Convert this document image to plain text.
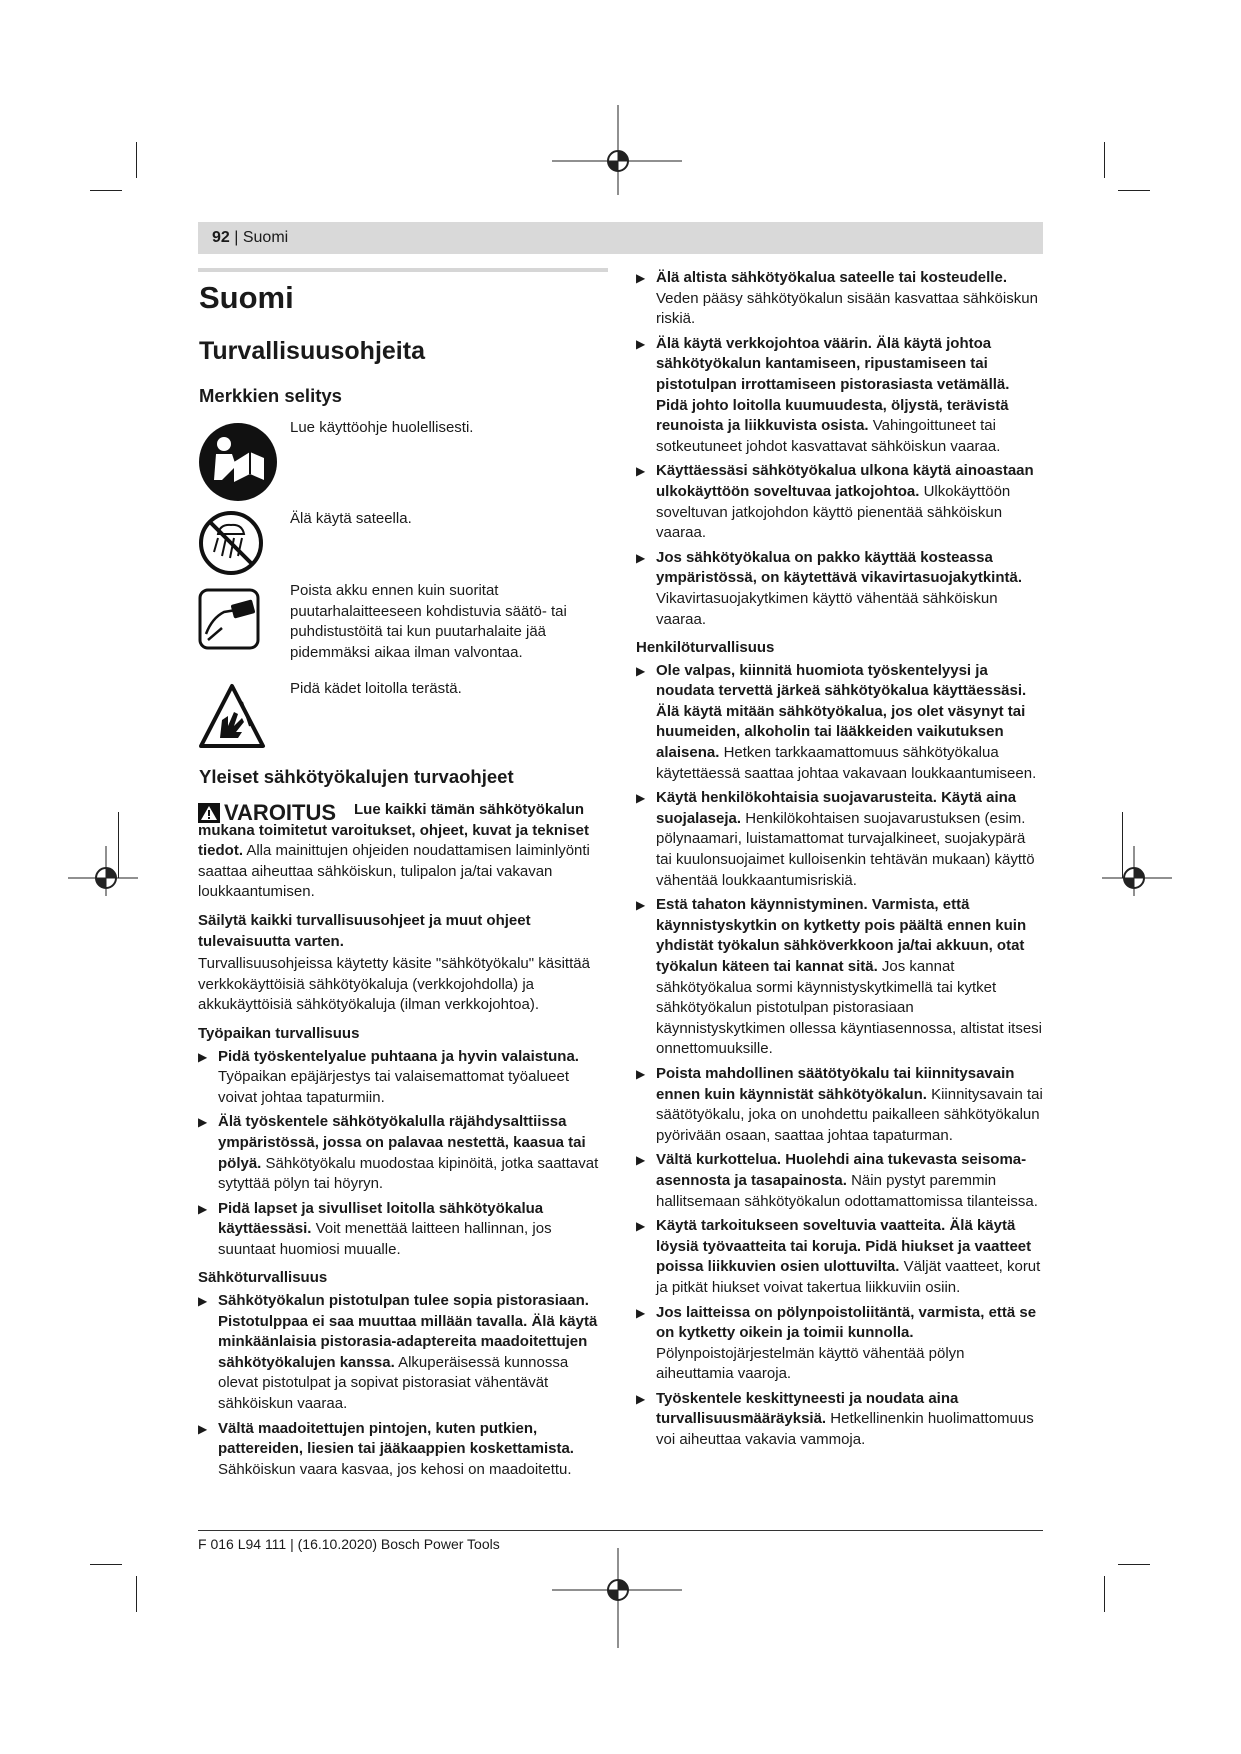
92 | Suomi
Suomi
Turvallisuusohjeita
Merkkien selitys
Lue käyttöohje huolellisesti.
Älä käytä sateella.
Poista akku ennen kuin suoritat puutarhalaitteeseen kohdistuvia säätö- tai puhdistustöitä tai kun puutarhalaite jää pidemmäksi aikaa ilman valvontaa.
Pidä kädet loitolla terästä.
Yleiset sähkötyökalujen turvaohjeet
VAROITUS	Lue kaikki tämän sähkötyökalun mukana toimitetut varoitukset, ohjeet, kuvat ja tekniset tiedot. Alla mainittujen ohjeiden noudattamisen laiminlyönti saattaa aiheuttaa sähköiskun, tulipalon ja/tai vakavan loukkaantumisen.

Säilytä kaikki turvallisuusohjeet ja muut ohjeet tulevaisuutta varten.

Turvallisuusohjeissa käytetty käsite "sähkötyökalu" käsittää verkkokäyttöisiä sähkötyökaluja (verkkojohdolla) ja akkukäyttöisiä sähkötyökaluja (ilman verkkojohtoa).

Työpaikan turvallisuus

▶ Pidä työskentelyalue puhtaana ja hyvin valaistuna. Työpaikan epäjärjestys tai valaisemattomat työalueet voivat johtaa tapaturmiin.

▶ Älä työskentele sähkötyökalulla räjähdysalttiissa ympäristössä, jossa on palavaa nestettä, kaasua tai pölyä. Sähkötyökalu muodostaa kipinöitä, jotka saattavat sytyttää pölyn tai höyryn.

▶ Pidä lapset ja sivulliset loitolla sähkötyökalua käyttäessäsi. Voit menettää laitteen hallinnan, jos suuntaat huomiosi muualle.

Sähköturvallisuus

▶ Sähkötyökalun pistotulpan tulee sopia pistorasiaan. Pistotulppaa ei saa muuttaa millään tavalla. Älä käytä minkäänlaisia pistorasia-adaptereita maadoitettujen sähkötyökalujen kanssa. Alkuperäisessä kunnossa olevat pistotulpat ja sopivat pistorasiat vähentävät sähköiskun vaaraa.

▶ Vältä maadoitettujen pintojen, kuten putkien, pattereiden, liesien tai jääkaappien koskettamista. Sähköiskun vaara kasvaa, jos kehosi on maadoitettu.

▶ Älä altista sähkötyökalua sateelle tai kosteudelle. Veden pääsy sähkötyökalun sisään kasvattaa sähköiskun riskiä.

▶ Älä käytä verkkojohtoa väärin. Älä käytä johtoa sähkötyökalun kantamiseen, ripustamiseen tai pistotulpan irrottamiseen pistorasiasta vetämällä. Pidä johto loitolla kuumuudesta, öljystä, terävistä reunoista ja liikkuvista osista. Vahingoittuneet tai sotkeutuneet johdot kasvattavat sähköiskun vaaraa.

▶ Käyttäessäsi sähkötyökalua ulkona käytä ainoastaan ulkokäyttöön soveltuvaa jatkojohtoa. Ulkokäyttöön soveltuvan jatkojohdon käyttö pienentää sähköiskun vaaraa.

▶ Jos sähkötyökalua on pakko käyttää kosteassa ympäristössä, on käytettävä vikavirtasuojakytkintä. Vikavirtasuojakytkimen käyttö vähentää sähköiskun vaaraa.

Henkilöturvallisuus

▶ Ole valpas, kiinnitä huomiota työskentelyysi ja noudata tervettä järkeä sähkötyökalua käyttäessäsi. Älä käytä mitään sähkötyökalua, jos olet väsynyt tai huumeiden, alkoholin tai lääkkeiden vaikutuksen alaisena. Hetken tarkkaamattomuus sähkötyökalua käytettäessä saattaa johtaa vakavaan loukkaantumiseen.

▶ Käytä henkilökohtaisia suojavarusteita. Käytä aina suojalaseja. Henkilökohtaisen suojavarustuksen (esim. pölynaamari, luistamattomat turvajalkineet, suojakypärä tai kuulonsuojaimet kulloisenkin tehtävän mukaan) käyttö vähentää loukkaantumisriskiä.

▶ Estä tahaton käynnistyminen. Varmista, että käynnistyskytkin on kytketty pois päältä ennen kuin yhdistät työkalun sähköverkkoon ja/tai akkuun, otat työkalun käteen tai kannat sitä. Jos kannat sähkötyökalua sormi käynnistyskytkimellä tai kytket sähkötyökalun pistotulpan pistorasiaan käynnistyskytkimen ollessa käyntiasennossa, altistat itsesi onnettomuuksille.

▶ Poista mahdollinen säätötyökalu tai kiinnitysavain ennen kuin käynnistät sähkötyökalun. Kiinnitysavain tai säätötyökalu, joka on unohdettu paikalleen sähkötyökalun pyörivään osaan, saattaa johtaa tapaturman.

▶ Vältä kurkottelua. Huolehdi aina tukevasta seisoma-asennosta ja tasapainosta. Näin pystyt paremmin hallitsemaan sähkötyökalun odottamattomissa tilanteissa.

▶ Käytä tarkoitukseen soveltuvia vaatteita. Älä käytä löysiä työvaatteita tai koruja. Pidä hiukset ja vaatteet poissa liikkuvien osien ulottuvilta. Väljät vaatteet, korut ja pitkät hiukset voivat takertua liikkuviin osiin.

▶ Jos laitteissa on pölynpoistoliitäntä, varmista, että se on kytketty oikein ja toimii kunnolla. Pölynpoistojärjestelmän käyttö vähentää pölyn aiheuttamia vaaroja.

▶ Työskentele keskittyneesti ja noudata aina turvallisuusmääräyksiä. Hetkellinenkin huolimattomuus voi aiheuttaa vakavia vammoja.

F 016 L94 111 | (16.10.2020) Bosch Power Tools
